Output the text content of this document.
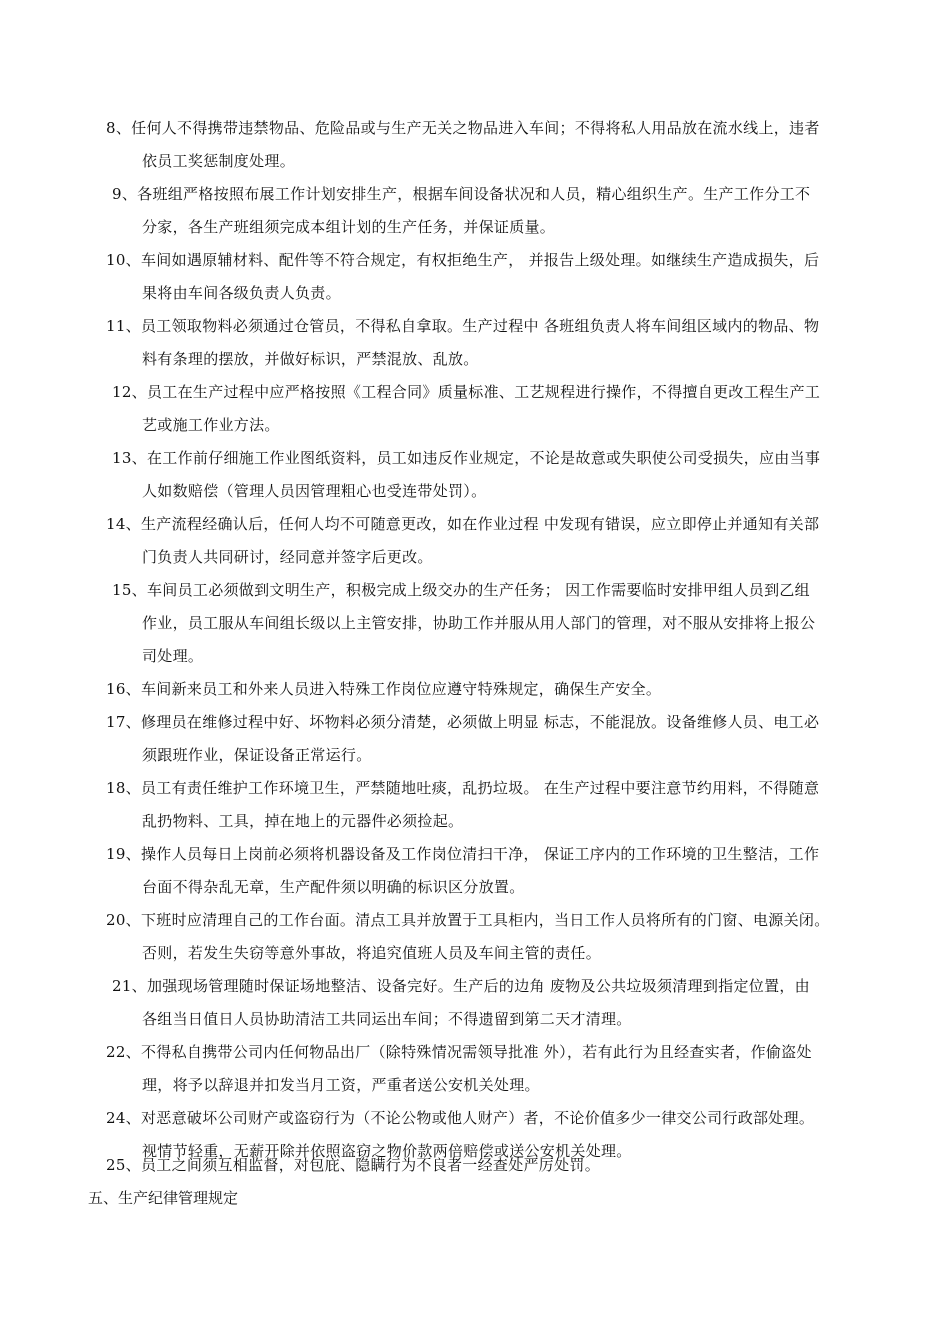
8、任何人不得携带违禁物品、危险品或与生产无关之物品进入车间；不得将私人用品放在流水线上，违者
依员工奖惩制度处理。
9、各班组严格按照布展工作计划安排生产，根据车间设备状况和人员，精心组织生产。生产工作分工不
分家，各生产班组须完成本组计划的生产任务，并保证质量。
10、车间如遇原辅材料、配件等不符合规定，有权拒绝生产， 并报告上级处理。如继续生产造成损失，后
果将由车间各级负责人负责。
11、员工领取物料必须通过仓管员，不得私自拿取。生产过程中 各班组负责人将车间组区域内的物品、物
料有条理的摆放，并做好标识，严禁混放、乱放。
12、员工在生产过程中应严格按照《工程合同》质量标准、工艺规程进行操作，不得擅自更改工程生产工
艺或施工作业方法。
13、在工作前仔细施工作业图纸资料，员工如违反作业规定，不论是故意或失职使公司受损失，应由当事
人如数赔偿（管理人员因管理粗心也受连带处罚）。
14、生产流程经确认后，任何人均不可随意更改，如在作业过程 中发现有错误，应立即停止并通知有关部
门负责人共同研讨，经同意并签字后更改。
15、车间员工必须做到文明生产，积极完成上级交办的生产任务； 因工作需要临时安排甲组人员到乙组
作业，员工服从车间组长级以上主管安排，协助工作并服从用人部门的管理，对不服从安排将上报公
司处理。
16、车间新来员工和外来人员进入特殊工作岗位应遵守特殊规定，确保生产安全。
17、修理员在维修过程中好、坏物料必须分清楚，必须做上明显 标志，不能混放。设备维修人员、电工必
须跟班作业，保证设备正常运行。
18、员工有责任维护工作环境卫生，严禁随地吐痰，乱扔垃圾。 在生产过程中要注意节约用料，不得随意
乱扔物料、工具，掉在地上的元器件必须捡起。
19、操作人员每日上岗前必须将机器设备及工作岗位清扫干净， 保证工序内的工作环境的卫生整洁，工作
台面不得杂乱无章，生产配件须以明确的标识区分放置。
20、下班时应清理自己的工作台面。清点工具并放置于工具柜内，当日工作人员将所有的门窗、电源关闭。
否则，若发生失窃等意外事故，将追究值班人员及车间主管的责任。
21、加强现场管理随时保证场地整洁、设备完好。生产后的边角 废物及公共垃圾须清理到指定位置，由
各组当日值日人员协助清洁工共同运出车间；不得遗留到第二天才清理。
22、不得私自携带公司内任何物品出厂（除特殊情况需领导批准 外），若有此行为且经查实者，作偷盗处
理，将予以辞退并扣发当月工资，严重者送公安机关处理。
24、对恶意破坏公司财产或盗窃行为（不论公物或他人财产）者，不论价值多少一律交公司行政部处理。
视情节轻重，无薪开除并依照盗窃之物价款两倍赔偿或送公安机关处理。
25、员工之间须互相监督，对包庇、隐瞒行为不良者一经查处严厉处罚。
五、生产纪律管理规定
